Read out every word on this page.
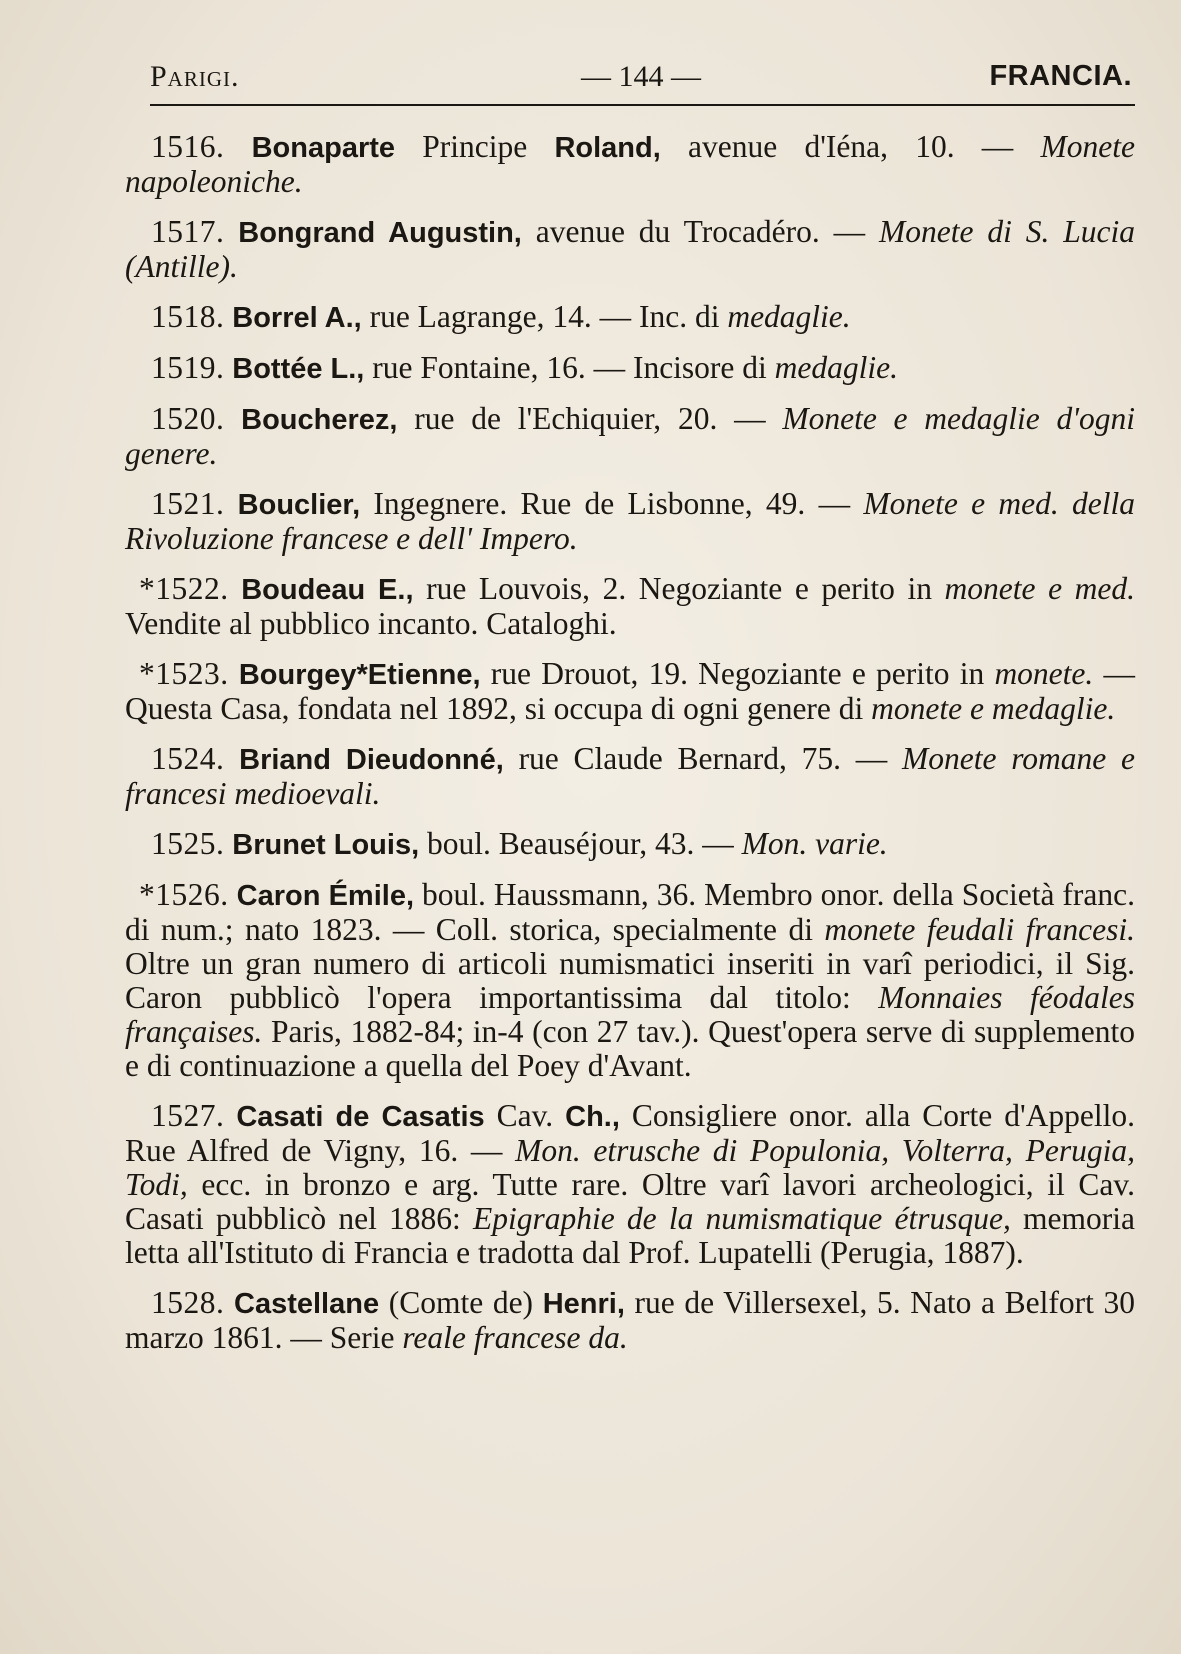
Parigi.	— 144 —	FRANCIA.

1516. Bonaparte Principe Roland, avenue d'Iéna, 10. — Monete napoleoniche.

1517. Bongrand Augustin, avenue du Trocadéro. — Monete di S. Lucia (Antille).

1518. Borrel A., rue Lagrange, 14. — Inc. di medaglie.

1519. Bottée L., rue Fontaine, 16. — Incisore di medaglie.

1520. Boucherez, rue de l'Echiquier, 20. — Monete e medaglie d'ogni genere.

1521. Bouclier, Ingegnere. Rue de Lisbonne, 49. — Monete e med. della Rivoluzione francese e dell' Impero.

*1522. Boudeau E., rue Louvois, 2. Negoziante e perito in monete e med. Vendite al pubblico incanto. Cataloghi.

*1523. Bourgey*Etienne, rue Drouot, 19. Negoziante e perito in monete. — Questa Casa, fondata nel 1892, si occupa di ogni genere di monete e medaglie.

1524. Briand Dieudonné, rue Claude Bernard, 75. — Monete romane e francesi medioevali.

1525. Brunet Louis, boul. Beauséjour, 43. — Mon. varie.

*1526. Caron Émile, boul. Haussmann, 36. Membro onor. della Società franc. di num.; nato 1823. — Coll. storica, specialmente di monete feudali francesi. Oltre un gran numero di articoli numismatici inseriti in varî periodici, il Sig. Caron pubblicò l'opera importantissima dal titolo: Monnaies féodales françaises. Paris, 1882-84; in-4 (con 27 tav.). Quest'opera serve di supplemento e di continuazione a quella del Poey d'Avant.

1527. Casati de Casatis Cav. Ch., Consigliere onor. alla Corte d'Appello. Rue Alfred de Vigny, 16. — Mon. etrusche di Populonia, Volterra, Perugia, Todi, ecc. in bronzo e arg. Tutte rare. Oltre varî lavori archeologici, il Cav. Casati pubblicò nel 1886: Epigraphie de la numismatique étrusque, memoria letta all'Istituto di Francia e tradotta dal Prof. Lupatelli (Perugia, 1887).

1528. Castellane (Comte de) Henri, rue de Villersexel, 5. Nato a Belfort 30 marzo 1861. — Serie reale francese da.
